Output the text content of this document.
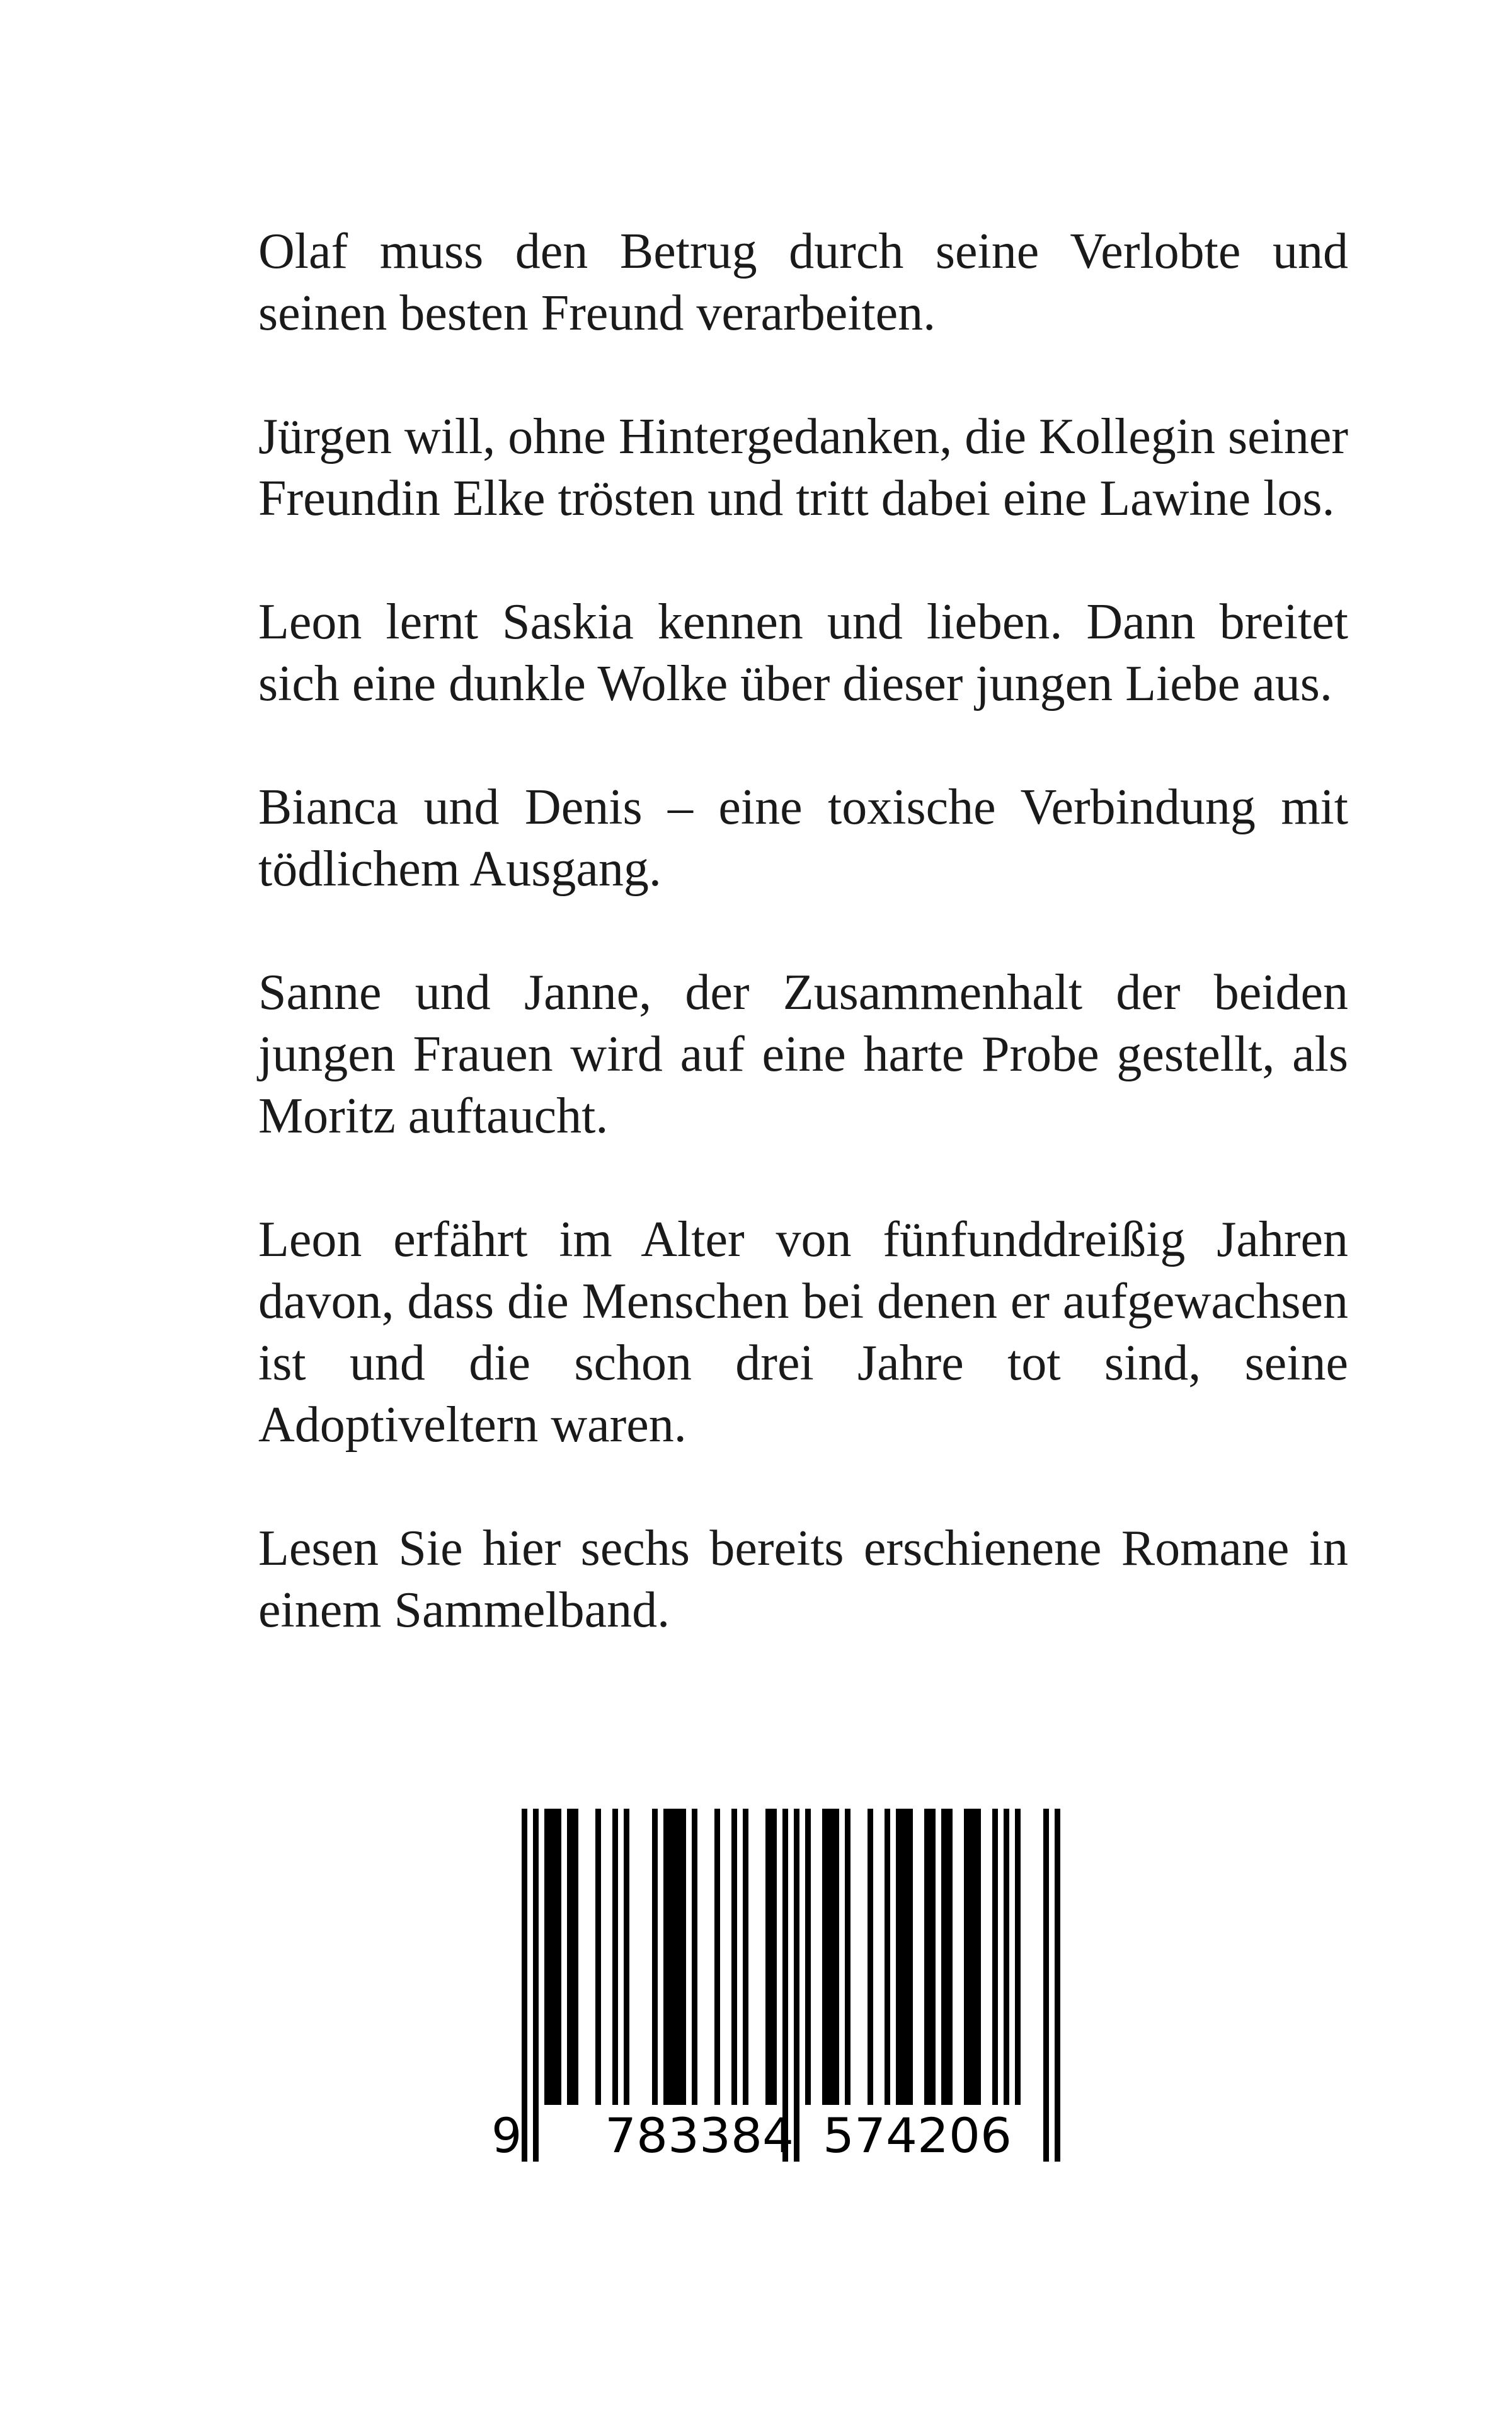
Olaf muss den Betrug durch seine Verlobte und seinen besten Freund verarbeiten.

Jürgen will, ohne Hintergedanken, die Kollegin seiner Freundin Elke trösten und tritt dabei eine Lawine los.

Leon lernt Saskia kennen und lieben. Dann breitet sich eine dunkle Wolke über dieser jungen Liebe aus.

Bianca und Denis – eine toxische Verbindung mit tödlichem Ausgang.

Sanne und Janne, der Zusammenhalt der beiden jungen Frauen wird auf eine harte Probe gestellt, als Moritz auftaucht.

Leon erfährt im Alter von fünfunddreißig Jahren davon, dass die Menschen bei denen er aufgewachsen ist und die schon drei Jahre tot sind, seine Adoptiveltern waren.

Lesen Sie hier sechs bereits erschienene Romane in einem Sammelband.

9 783384 574206
